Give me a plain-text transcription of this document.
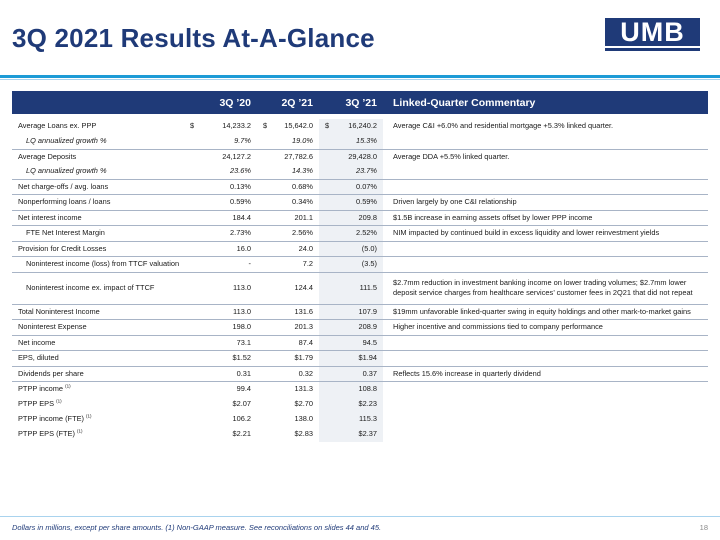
3Q 2021 Results At-A-Glance	UMB
	3Q ’20	2Q ’21	3Q ’21	Linked-Quarter Commentary

Average Loans ex. PPP	$ 14,233.2	$ 15,642.0	$ 16,240.2	Average C&I +6.0% and residential mortgage +5.3% linked quarter.
LQ annualized growth %	9.7%	19.0%	15.3%	
Average Deposits	24,127.2	27,782.6	29,428.0	Average DDA +5.5% linked quarter.
LQ annualized growth %	23.6%	14.3%	23.7%	
Net charge-offs / avg. loans	0.13%	0.68%	0.07%	
Nonperforming loans / loans	0.59%	0.34%	0.59%	Driven largely by one C&I relationship
Net interest income	184.4	201.1	209.8	$1.5B increase in earning assets offset by lower PPP income
FTE Net Interest Margin	2.73%	2.56%	2.52%	NIM impacted by continued build in excess liquidity and lower reinvestment yields
Provision for Credit Losses	16.0	24.0	(5.0)	
Noninterest income (loss) from TTCF valuation	-	7.2	(3.5)	
Noninterest income ex. impact of TTCF	113.0	124.4	111.5	$2.7mm reduction in investment banking income on lower trading volumes; $2.7mm lower deposit service charges from healthcare services’ customer fees in 2Q21 that did not repeat
Total Noninterest Income	113.0	131.6	107.9	$19mm unfavorable linked-quarter swing in equity holdings and other mark-to-market gains
Noninterest Expense	198.0	201.3	208.9	Higher incentive and commissions tied to company performance
Net income	73.1	87.4	94.5	
EPS, diluted	$1.52	$1.79	$1.94	
Dividends per share	0.31	0.32	0.37	Reflects 15.6% increase in quarterly dividend
PTPP income $^{(1)}$	99.4	131.3	108.8	
PTPP EPS $^{(1)}$	$2.07	$2.70	$2.23	
PTPP income (FTE) $^{(1)}$	106.2	138.0	115.3	
PTPP EPS (FTE) $^{(1)}$	$2.21	$2.83	$2.37	
Dollars in millions, except per share amounts. (1) Non-GAAP measure. See reconciliations on slides 44 and 45.	18
